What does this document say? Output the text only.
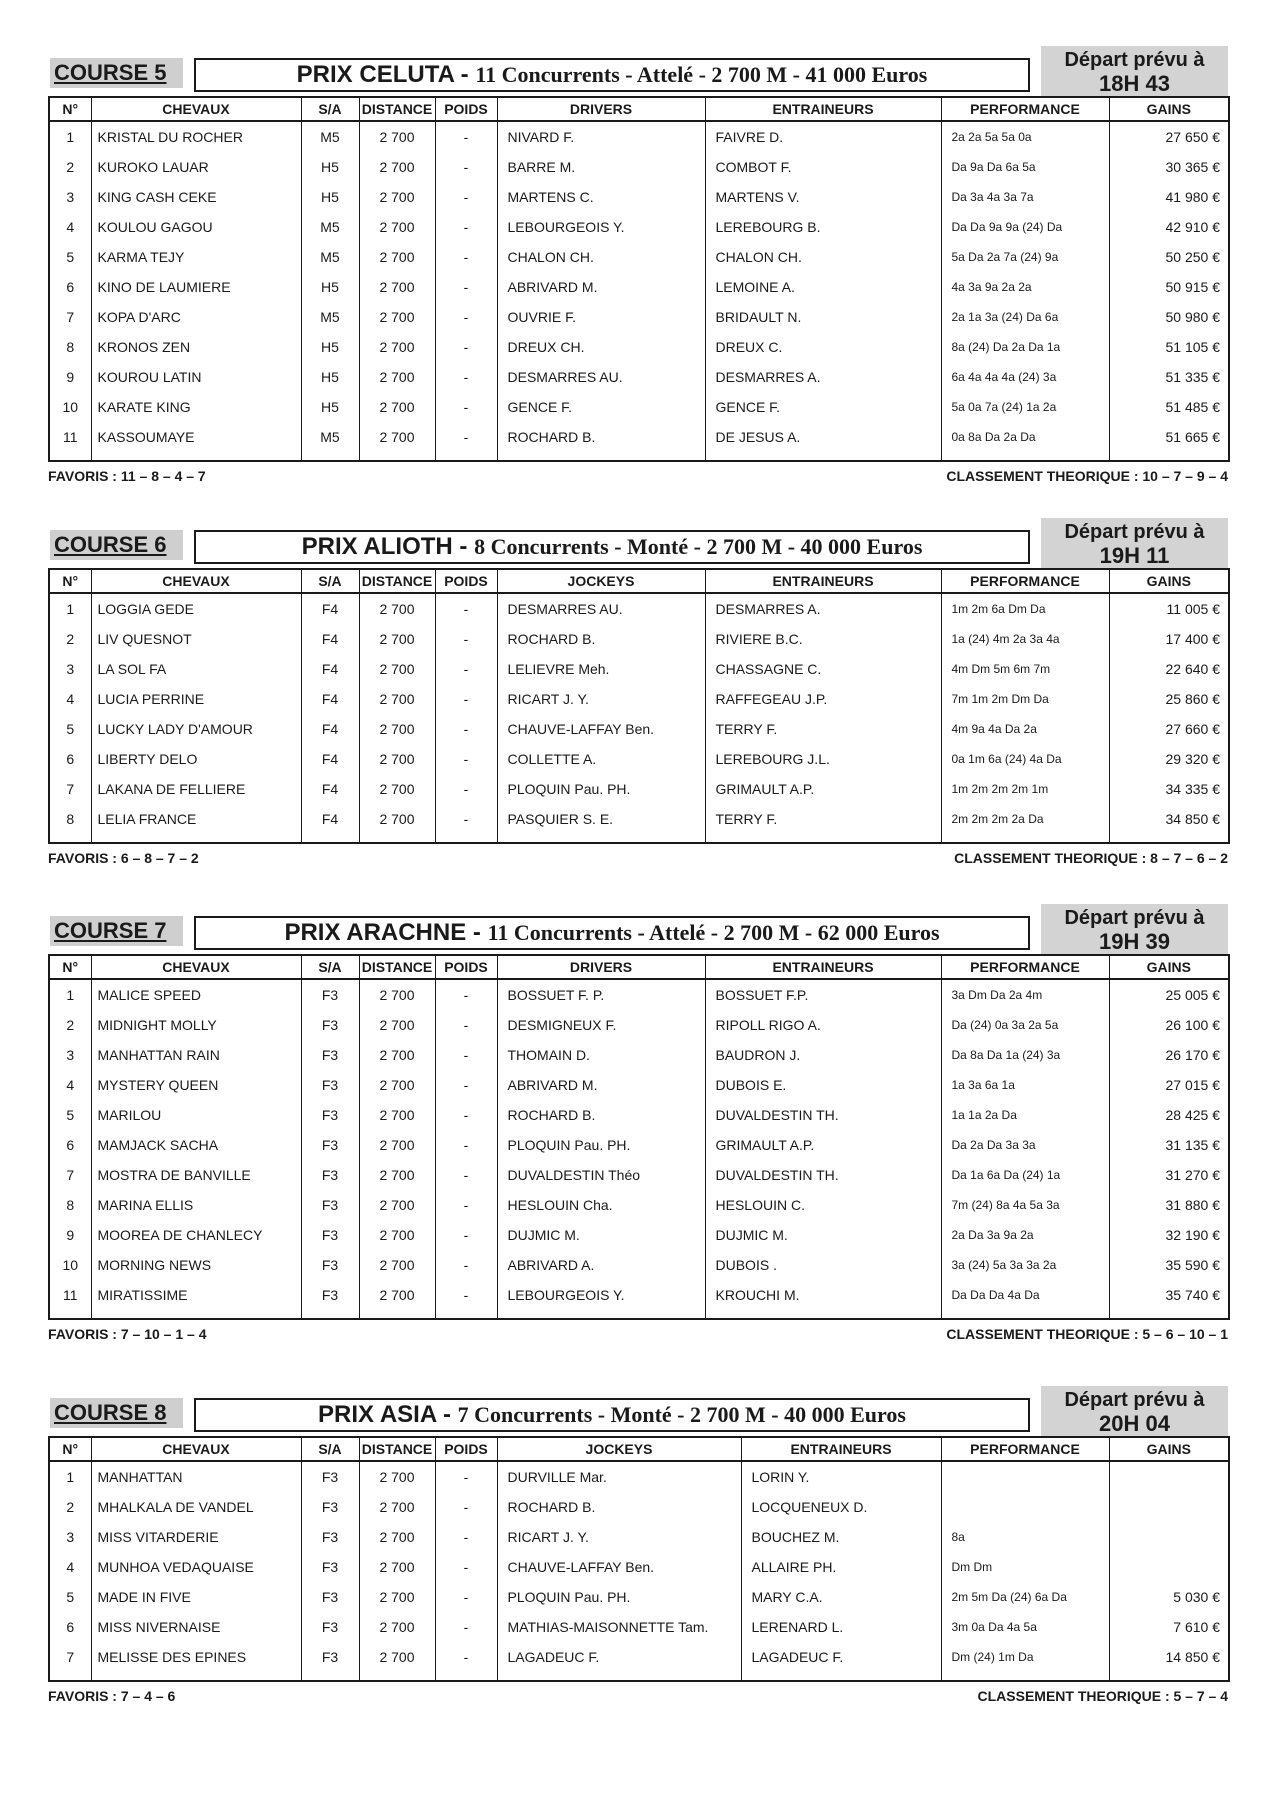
COURSE 5	PRIX CELUTA - 11 Concurrents - Attelé - 2 700 M - 41 000 Euros
Départ prévu à
18H 43
N°	CHEVAUX	S/A	DISTANCE	POIDS	DRIVERS	ENTRAINEURS	PERFORMANCE	GAINS
1	KRISTAL DU ROCHER	M5	2 700	-	NIVARD F.	FAIVRE D.	2a 2a 5a 5a 0a	27 650 €
2	KUROKO LAUAR	H5	2 700	-	BARRE M.	COMBOT F.	Da 9a Da 6a 5a	30 365 €
3	KING CASH CEKE	H5	2 700	-	MARTENS C.	MARTENS V.	Da 3a 4a 3a 7a	41 980 €
4	KOULOU GAGOU	M5	2 700	-	LEBOURGEOIS Y.	LEREBOURG B.	Da Da 9a 9a (24) Da	42 910 €
5	KARMA TEJY	M5	2 700	-	CHALON CH.	CHALON CH.	5a Da 2a 7a (24) 9a	50 250 €
6	KINO DE LAUMIERE	H5	2 700	-	ABRIVARD M.	LEMOINE A.	4a 3a 9a 2a 2a	50 915 €
7	KOPA D'ARC	M5	2 700	-	OUVRIE F.	BRIDAULT N.	2a 1a 3a (24) Da 6a	50 980 €
8	KRONOS ZEN	H5	2 700	-	DREUX CH.	DREUX C.	8a (24) Da 2a Da 1a	51 105 €
9	KOUROU LATIN	H5	2 700	-	DESMARRES AU.	DESMARRES A.	6a 4a 4a 4a (24) 3a	51 335 €
10	KARATE KING	H5	2 700	-	GENCE F.	GENCE F.	5a 0a 7a (24) 1a 2a	51 485 €
11	KASSOUMAYE	M5	2 700	-	ROCHARD B.	DE JESUS A.	0a 8a Da 2a Da	51 665 €

FAVORIS : 11 – 8 – 4 – 7	CLASSEMENT THEORIQUE : 10 – 7 – 9 – 4
COURSE 6	PRIX ALIOTH - 8 Concurrents - Monté - 2 700 M - 40 000 Euros
Départ prévu à
19H 11
N°	CHEVAUX	S/A	DISTANCE	POIDS	JOCKEYS	ENTRAINEURS	PERFORMANCE	GAINS
1	LOGGIA GEDE	F4	2 700	-	DESMARRES AU.	DESMARRES A.	1m 2m 6a Dm Da	11 005 €
2	LIV QUESNOT	F4	2 700	-	ROCHARD B.	RIVIERE B.C.	1a (24) 4m 2a 3a 4a	17 400 €
3	LA SOL FA	F4	2 700	-	LELIEVRE Meh.	CHASSAGNE C.	4m Dm 5m 6m 7m	22 640 €
4	LUCIA PERRINE	F4	2 700	-	RICART J. Y.	RAFFEGEAU J.P.	7m 1m 2m Dm Da	25 860 €
5	LUCKY LADY D'AMOUR	F4	2 700	-	CHAUVE-LAFFAY Ben.	TERRY F.	4m 9a 4a Da 2a	27 660 €
6	LIBERTY DELO	F4	2 700	-	COLLETTE A.	LEREBOURG J.L.	0a 1m 6a (24) 4a Da	29 320 €
7	LAKANA DE FELLIERE	F4	2 700	-	PLOQUIN Pau. PH.	GRIMAULT A.P.	1m 2m 2m 2m 1m	34 335 €
8	LELIA FRANCE	F4	2 700	-	PASQUIER S. E.	TERRY F.	2m 2m 2m 2a Da	34 850 €

FAVORIS : 6 – 8 – 7 – 2	CLASSEMENT THEORIQUE : 8 – 7 – 6 – 2
COURSE 7	PRIX ARACHNE - 11 Concurrents - Attelé - 2 700 M - 62 000 Euros
Départ prévu à
19H 39
N°	CHEVAUX	S/A	DISTANCE	POIDS	DRIVERS	ENTRAINEURS	PERFORMANCE	GAINS
1	MALICE SPEED	F3	2 700	-	BOSSUET F. P.	BOSSUET F.P.	3a Dm Da 2a 4m	25 005 €
2	MIDNIGHT MOLLY	F3	2 700	-	DESMIGNEUX F.	RIPOLL RIGO A.	Da (24) 0a 3a 2a 5a	26 100 €
3	MANHATTAN RAIN	F3	2 700	-	THOMAIN D.	BAUDRON J.	Da 8a Da 1a (24) 3a	26 170 €
4	MYSTERY QUEEN	F3	2 700	-	ABRIVARD M.	DUBOIS E.	1a 3a 6a 1a	27 015 €
5	MARILOU	F3	2 700	-	ROCHARD B.	DUVALDESTIN TH.	1a 1a 2a Da	28 425 €
6	MAMJACK SACHA	F3	2 700	-	PLOQUIN Pau. PH.	GRIMAULT A.P.	Da 2a Da 3a 3a	31 135 €
7	MOSTRA DE BANVILLE	F3	2 700	-	DUVALDESTIN Théo	DUVALDESTIN TH.	Da 1a 6a Da (24) 1a	31 270 €
8	MARINA ELLIS	F3	2 700	-	HESLOUIN Cha.	HESLOUIN C.	7m (24) 8a 4a 5a 3a	31 880 €
9	MOOREA DE CHANLECY	F3	2 700	-	DUJMIC M.	DUJMIC M.	2a Da 3a 9a 2a	32 190 €
10	MORNING NEWS	F3	2 700	-	ABRIVARD A.	DUBOIS .	3a (24) 5a 3a 3a 2a	35 590 €
11	MIRATISSIME	F3	2 700	-	LEBOURGEOIS Y.	KROUCHI M.	Da Da Da 4a Da	35 740 €

FAVORIS : 7 – 10 – 1 – 4	CLASSEMENT THEORIQUE : 5 – 6 – 10 – 1
COURSE 8	PRIX ASIA - 7 Concurrents - Monté - 2 700 M - 40 000 Euros
Départ prévu à
20H 04
N°	CHEVAUX	S/A	DISTANCE	POIDS	JOCKEYS	ENTRAINEURS	PERFORMANCE	GAINS
1	MANHATTAN	F3	2 700	-	DURVILLE Mar.	LORIN Y.		
2	MHALKALA DE VANDEL	F3	2 700	-	ROCHARD B.	LOCQUENEUX D.		
3	MISS VITARDERIE	F3	2 700	-	RICART J. Y.	BOUCHEZ M.	8a	
4	MUNHOA VEDAQUAISE	F3	2 700	-	CHAUVE-LAFFAY Ben.	ALLAIRE PH.	Dm Dm	
5	MADE IN FIVE	F3	2 700	-	PLOQUIN Pau. PH.	MARY C.A.	2m 5m Da (24) 6a Da	5 030 €
6	MISS NIVERNAISE	F3	2 700	-	MATHIAS-MAISONNETTE Tam.	LERENARD L.	3m 0a Da 4a 5a	7 610 €
7	MELISSE DES EPINES	F3	2 700	-	LAGADEUC F.	LAGADEUC F.	Dm (24) 1m Da	14 850 €

FAVORIS : 7 – 4 – 6	CLASSEMENT THEORIQUE : 5 – 7 – 4
